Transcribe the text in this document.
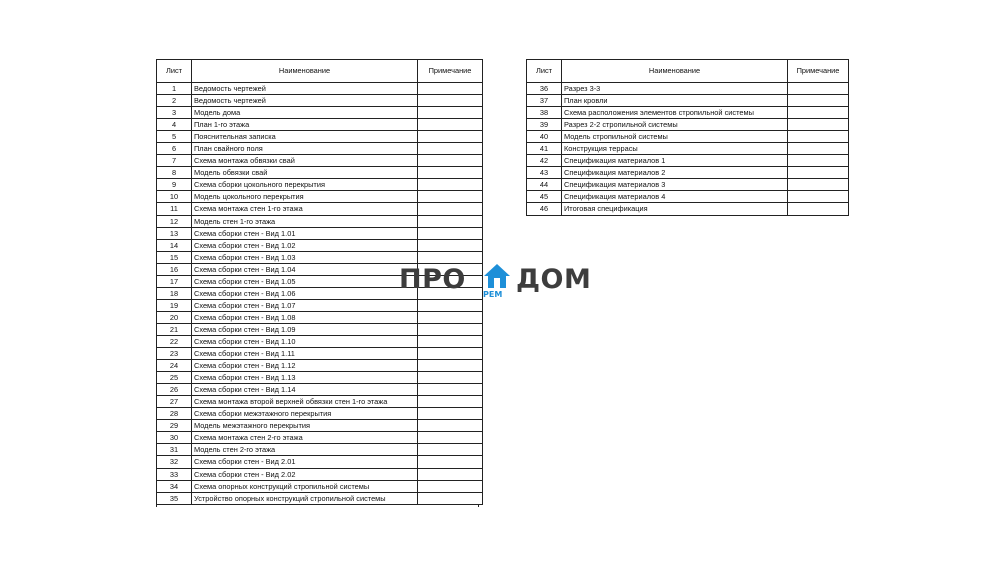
Лист	Наименование	Примечание
1	Ведомость чертежей	
2	Ведомость чертежей	
3	Модель дома	
4	План 1-го этажа	
5	Пояснительная записка	
6	План свайного поля	
7	Схема монтажа обвязки свай	
8	Модель обвязки свай	
9	Схема сборки цокольного перекрытия	
10	Модель цокольного перекрытия	
11	Схема монтажа стен 1-го этажа	
12	Модель стен 1-го этажа	
13	Схема сборки стен - Вид 1.01	
14	Схема сборки стен - Вид 1.02	
15	Схема сборки стен - Вид 1.03	
16	Схема сборки стен - Вид 1.04	
17	Схема сборки стен - Вид 1.05	
18	Схема сборки стен - Вид 1.06	
19	Схема сборки стен - Вид 1.07	
20	Схема сборки стен - Вид 1.08	
21	Схема сборки стен - Вид 1.09	
22	Схема сборки стен - Вид 1.10	
23	Схема сборки стен - Вид 1.11	
24	Схема сборки стен - Вид 1.12	
25	Схема сборки стен - Вид 1.13	
26	Схема сборки стен - Вид 1.14	
27	Схема монтажа второй верхней обвязки стен 1-го этажа	
28	Схема сборки межэтажного перекрытия	
29	Модель межэтажного перекрытия	
30	Схема монтажа стен 2-го этажа	
31	Модель стен 2-го этажа	
32	Схема сборки стен - Вид 2.01	
33	Схема сборки стен - Вид 2.02	
34	Схема опорных конструкций стропильной системы	
35	Устройство опорных конструкций стропильной системы	
Лист	Наименование	Примечание
36	Разрез 3-3	
37	План кровли	
38	Схема расположения элементов стропильной системы	
39	Разрез 2-2 стропильной системы	
40	Модель стропильной системы	
41	Конструкция террасы	
42	Спецификация материалов 1	
43	Спецификация материалов 2	
44	Спецификация материалов 3	
45	Спецификация материалов 4	
46	Итоговая спецификация	
ПРО РЕМ ДОМ
